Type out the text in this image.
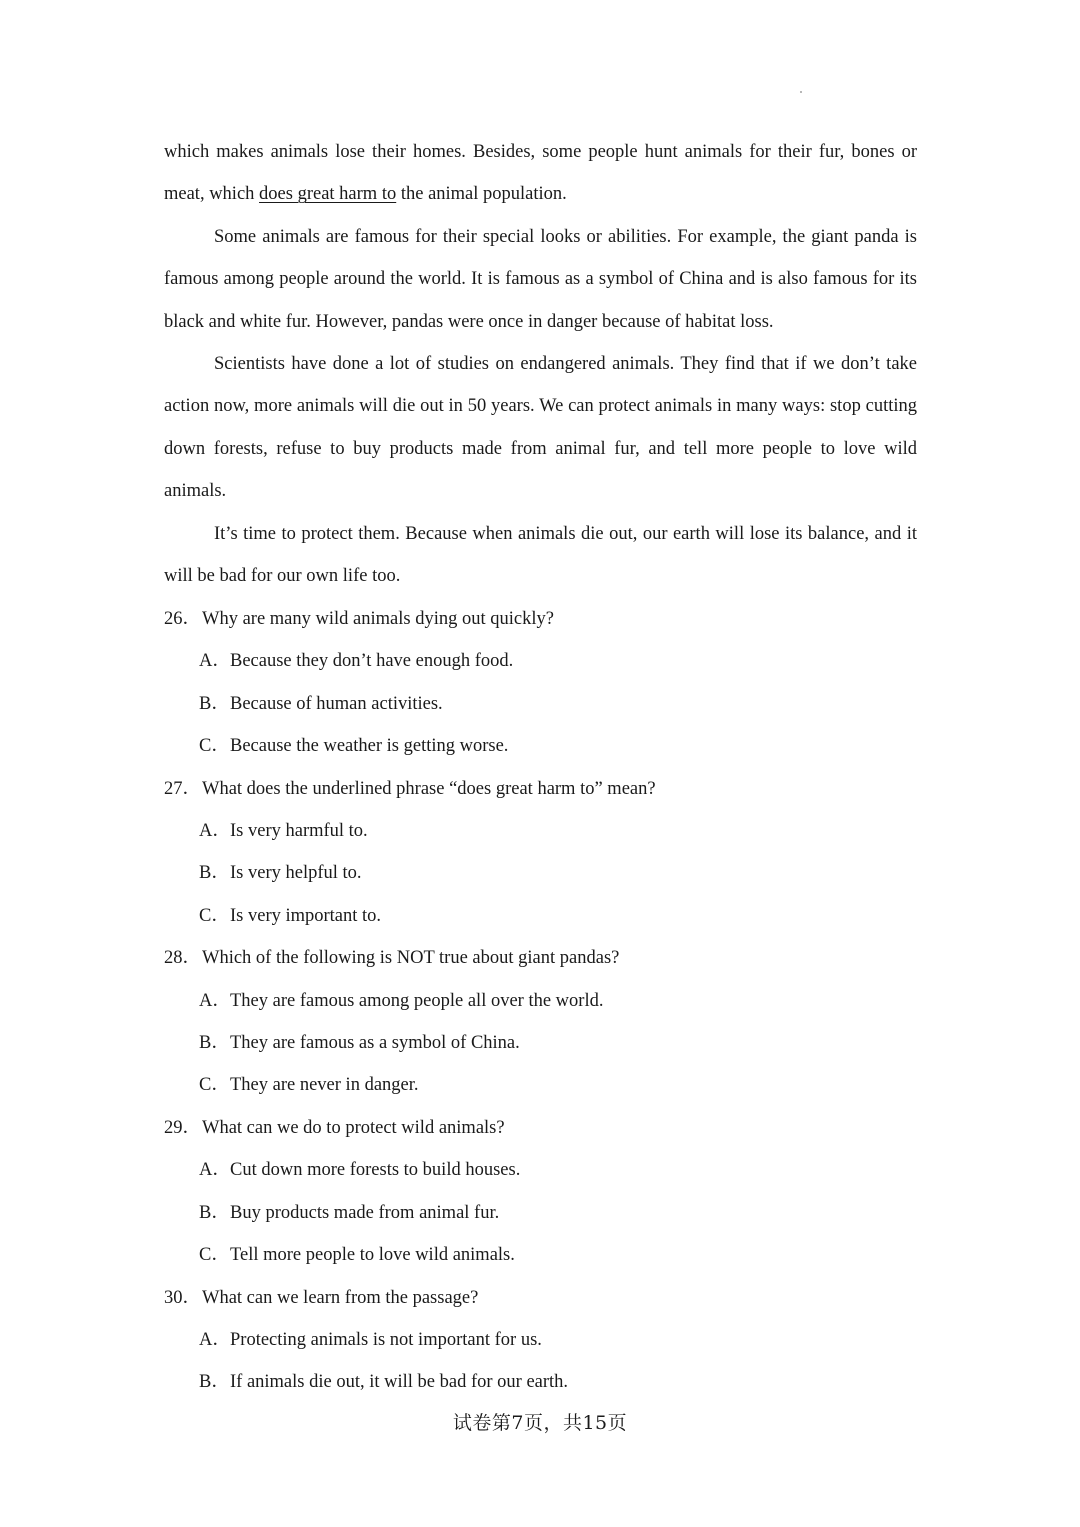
which makes animals lose their homes. Besides, some people hunt animals for their fur, bones or meat, which does great harm to the animal population.

Some animals are famous for their special looks or abilities. For example, the giant panda is famous among people around the world. It is famous as a symbol of China and is also famous for its black and white fur. However, pandas were once in danger because of habitat loss.

Scientists have done a lot of studies on endangered animals. They find that if we don’t take action now, more animals will die out in 50 years. We can protect animals in many ways: stop cutting down forests, refuse to buy products made from animal fur, and tell more people to love wild animals.

It’s time to protect them. Because when animals die out, our earth will lose its balance, and it will be bad for our own life too.

26．Why are many wild animals dying out quickly?
A．Because they don’t have enough food.
B．Because of human activities.
C．Because the weather is getting worse.
27．What does the underlined phrase “does great harm to” mean?
A．Is very harmful to.
B．Is very helpful to.
C．Is very important to.
28．Which of the following is NOT true about giant pandas?
A．They are famous among people all over the world.
B．They are famous as a symbol of China.
C．They are never in danger.
29．What can we do to protect wild animals?
A．Cut down more forests to build houses.
B．Buy products made from animal fur.
C．Tell more people to love wild animals.
30．What can we learn from the passage?
A．Protecting animals is not important for us.
B．If animals die out, it will be bad for our earth.
试卷第7页，共15页
